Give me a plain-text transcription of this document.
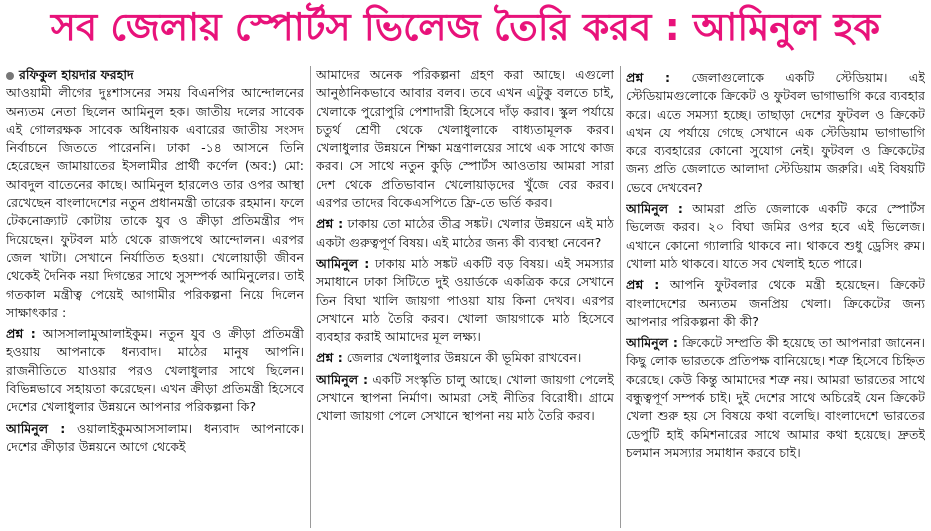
সব জেলায় স্পোর্টস ভিলেজ তৈরি করব : আমিনুল হক

রফিকুল হায়দার ফরহাদ

আওয়ামী লীগের দুঃশাসনের সময় বিএনপির আন্দোলনের অন্যতম নেতা ছিলেন আমিনুল হক। জাতীয় দলের সাবেক এই গোলরক্ষক সাবেক অধিনায়ক এবারের জাতীয় সংসদ নির্বাচনে জিততে পারেননি। ঢাকা -১৪ আসনে তিনি হেরেছেন জামায়াতের ইসলামীর প্রার্থী কর্ণেল (অব:) মো: আবদুল বাতেনের কাছে। আমিনুল হারলেও তার ওপর আস্থা রেখেছেন বাংলাদেশের নতুন প্রধানমন্ত্রী তারেক রহমান। ফলে টেকনোক্র্যাট কোটায় তাকে যুব ও ক্রীড়া প্রতিমন্ত্রীর পদ দিয়েছেন। ফুটবল মাঠ থেকে রাজপথে আন্দোলন। এরপর জেল খাটা। সেখানে নির্যাতিত হওয়া। খেলোয়াড়ী জীবন থেকেই দৈনিক নয়া দিগন্তের সাথে সুসম্পর্ক আমিনুলের। তাই গতকাল মন্ত্রীত্ব পেয়েই আগামীর পরিকল্পনা নিয়ে দিলেন সাক্ষাৎকার :

প্রশ্ন : আসসালামুআলাইকুম। নতুন যুব ও ক্রীড়া প্রতিমন্ত্রী হওয়ায় আপনাকে ধন্যবাদ। মাঠের মানুষ আপনি। রাজনীতিতে যাওয়ার পরও খেলাধুলার সাথে ছিলেন। বিভিন্নভাবে সহায়তা করেছেন। এখন ক্রীড়া প্রতিমন্ত্রী হিসেবে দেশের খেলাধুলার উন্নয়নে আপনার পরিকল্পনা কি?

আমিনুল : ওয়ালাইকুমআসসালাম। ধন্যবাদ আপনাকে। দেশের ক্রীড়ার উন্নয়নে আগে থেকেই

আমাদের অনেক পরিকল্পনা গ্রহণ করা আছে। এগুলো আনুষ্ঠানিকভাবে আবার বলব। তবে এখন এটুকু বলতে চাই, খেলাকে পুরোপুরি পেশাদারী হিসেবে দাঁড় করাব। স্কুল পর্যায়ে চতুর্থ শ্রেণী থেকে খেলাধুলাকে বাধ্যতামূলক করব। খেলাধুলার উন্নয়নে শিক্ষা মন্ত্রণালয়ের সাথে এক সাথে কাজ করব। সে সাথে নতুন কুড়ি স্পোর্টস আওতায় আমরা সারা দেশ থেকে প্রতিভাবান খেলোয়াড়দের খুঁজে বের করব। এরপর তাদের বিকেএসপিতে ফ্রি-তে ভর্তি করব।

প্রশ্ন : ঢাকায় তো মাঠের তীব্র সঙ্কট। খেলার উন্নয়নে এই মাঠ একটা গুরুত্বপূর্ণ বিষয়। এই মাঠের জন্য কী ব্যবস্থা নেবেন?

আমিনুল : ঢাকায় মাঠ সঙ্কট একটি বড় বিষয়। এই সমস্যার সমাধানে ঢাকা সিটিতে দুই ওয়ার্ডকে একত্রিক করে সেখানে তিন বিঘা খালি জায়গা পাওয়া যায় কিনা দেখব। এরপর সেখানে মাঠ তৈরি করব। খোলা জায়গাকে মাঠ হিসেবে ব্যবহার করাই আমাদের মূল লক্ষ্য।

প্রশ্ন : জেলার খেলাধুলার উন্নয়নে কী ভূমিকা রাখবেন।

আমিনুল : একটি সংস্কৃতি চালু আছে। খোলা জায়গা পেলেই সেখানে স্থাপনা নির্মাণ। আমরা সেই নীতির বিরোধী। গ্রামে খোলা জায়গা পেলে সেখানে স্থাপনা নয় মাঠ তৈরি করব।

প্রশ্ন : জেলাগুলোকে একটি স্টেডিয়াম। এই স্টেডিয়ামগুলোকে ক্রিকেট ও ফুটবল ভাগাভাগি করে ব্যবহার করে। এতে সমস্যা হচ্ছে। তাছাড়া দেশের ফুটবল ও ক্রিকেট এখন যে পর্যায়ে গেছে সেখানে এক স্টেডিয়াম ভাগাভাগি করে ব্যবহারের কোনো সুযোগ নেই। ফুটবল ও ক্রিকেটের জন্য প্রতি জেলাতে আলাদা স্টেডিয়াম জরুরি। এই বিষয়টি ভেবে দেখবেন?

আমিনুল : আমরা প্রতি জেলাকে একটি করে স্পোর্টস ভিলেজ করব। ২০ বিঘা জমির ওপর হবে এই ভিলেজ। এখানে কোনো গ্যালারি থাকবে না। থাকবে শুধু ড্রেসিং রুম। খোলা মাঠ থাকবে। যাতে সব খেলাই হতে পারে।

প্রশ্ন : আপনি ফুটবলার থেকে মন্ত্রী হয়েছেন। ক্রিকেট বাংলাদেশের অন্যতম জনপ্রিয় খেলা। ক্রিকেটের জন্য আপনার পরিকল্পনা কী কী?

আমিনুল : ক্রিকেটে সম্প্রতি কী হয়েছে তা আপনারা জানেন। কিছু লোক ভারতকে প্রতিপক্ষ বানিয়েছে। শত্রু হিসেবে চিহ্নিত করেছে। কেউ কিন্তু আমাদের শত্রু নয়। আমরা ভারতের সাথে বন্ধুত্বপূর্ণ সম্পর্ক চাই। দুই দেশের সাথে অচিরেই যেন ক্রিকেট খেলা শুরু হয় সে বিষয়ে কথা বলেছি। বাংলাদেশে ভারতের ডেপুটি হাই কমিশনারের সাথে আমার কথা হয়েছে। দ্রুতই চলমান সমস্যার সমাধান করবে চাই।
